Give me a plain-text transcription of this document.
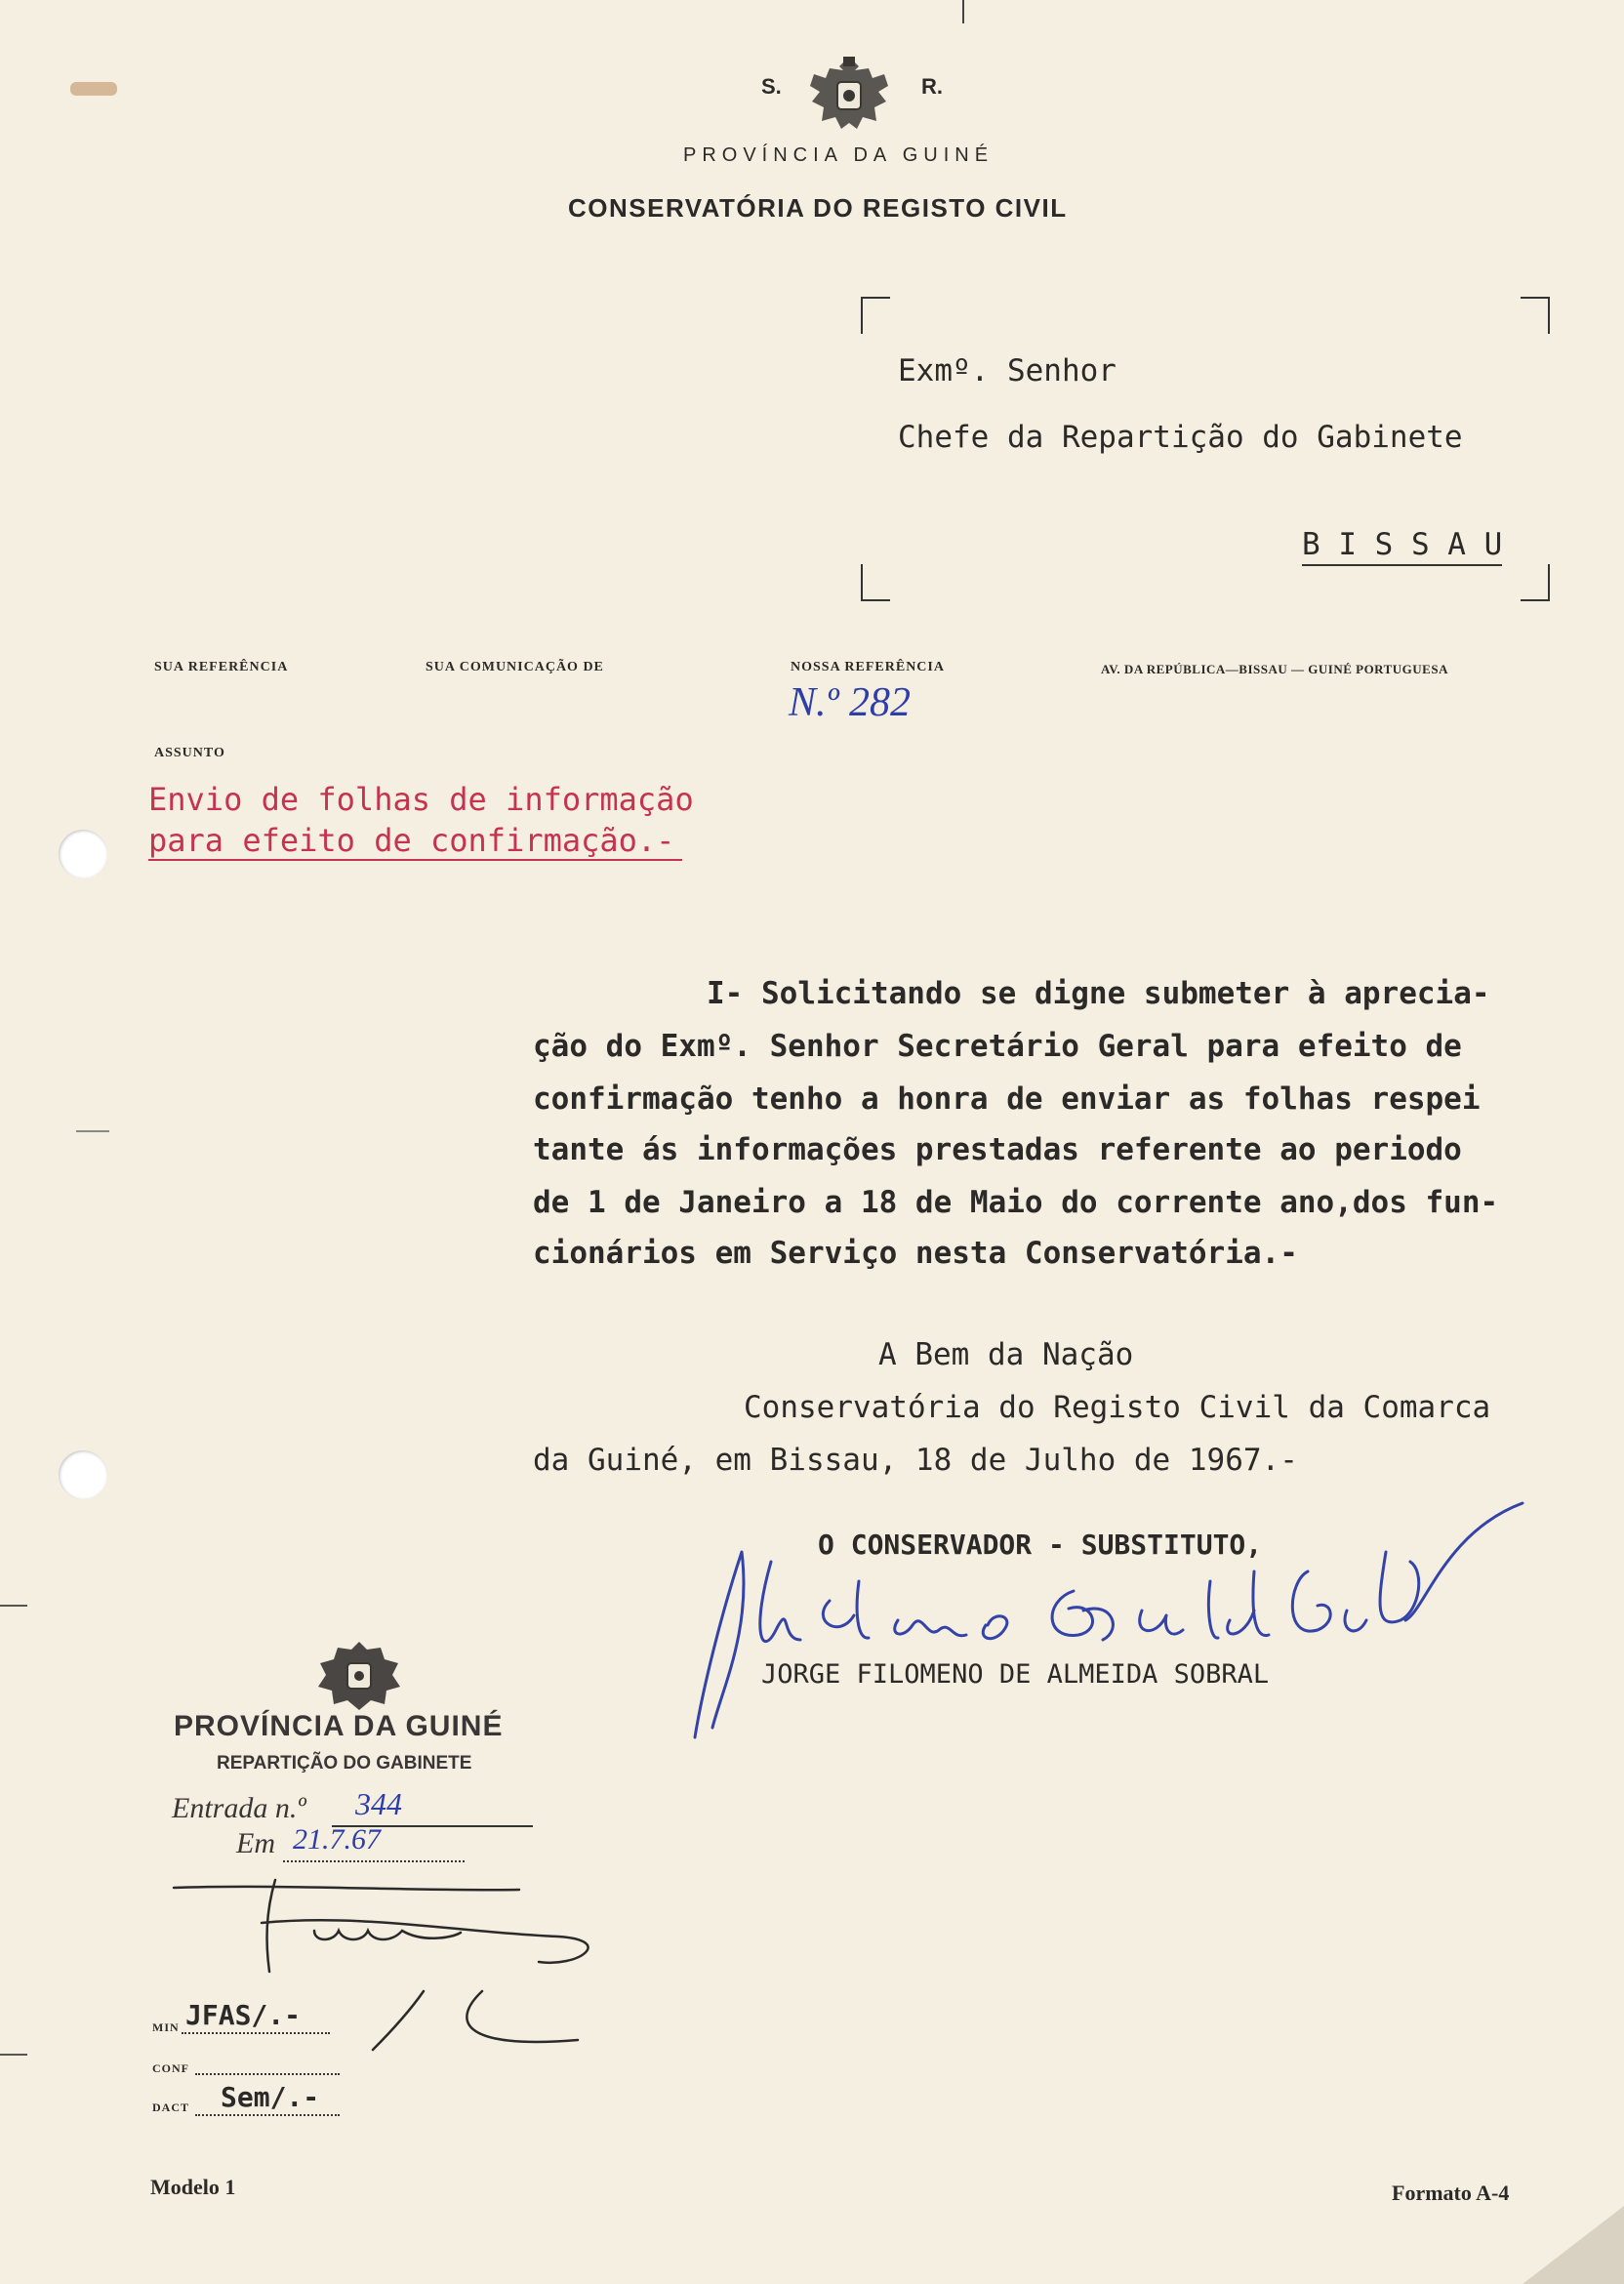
S.	R.
PROVÍNCIA DA GUINÉ
CONSERVATÓRIA DO REGISTO CIVIL
Exmº. Senhor
Chefe da Repartição do Gabinete
B I S S A U
SUA REFERÊNCIA	SUA COMUNICAÇÃO DE	NOSSA REFERÊNCIA	AV. DA REPÚBLICA—BISSAU — GUINÉ PORTUGUESA
N.º 282
ASSUNTO
Envio de folhas de informação
para efeito de confirmação.-
I- Solicitando se digne submeter à aprecia-
ção do Exmº. Senhor Secretário Geral para efeito de
confirmação tenho a honra de enviar as folhas respei
tante ás informações prestadas referente ao periodo
de 1 de Janeiro a 18 de Maio do corrente ano,dos fun-
cionários em Serviço nesta Conservatória.-
A Bem da Nação
Conservatória do Registo Civil da Comarca
da Guiné, em Bissau, 18 de Julho de 1967.-
O CONSERVADOR - SUBSTITUTO,
JORGE FILOMENO DE ALMEIDA SOBRAL
PROVÍNCIA DA GUINÉ
REPARTIÇÃO DO GABINETE
Entrada n.º 344
Em 21.7.67
MIN JFAS/.-
CONF
DACT Sem/.-
Modelo 1	Formato A-4
